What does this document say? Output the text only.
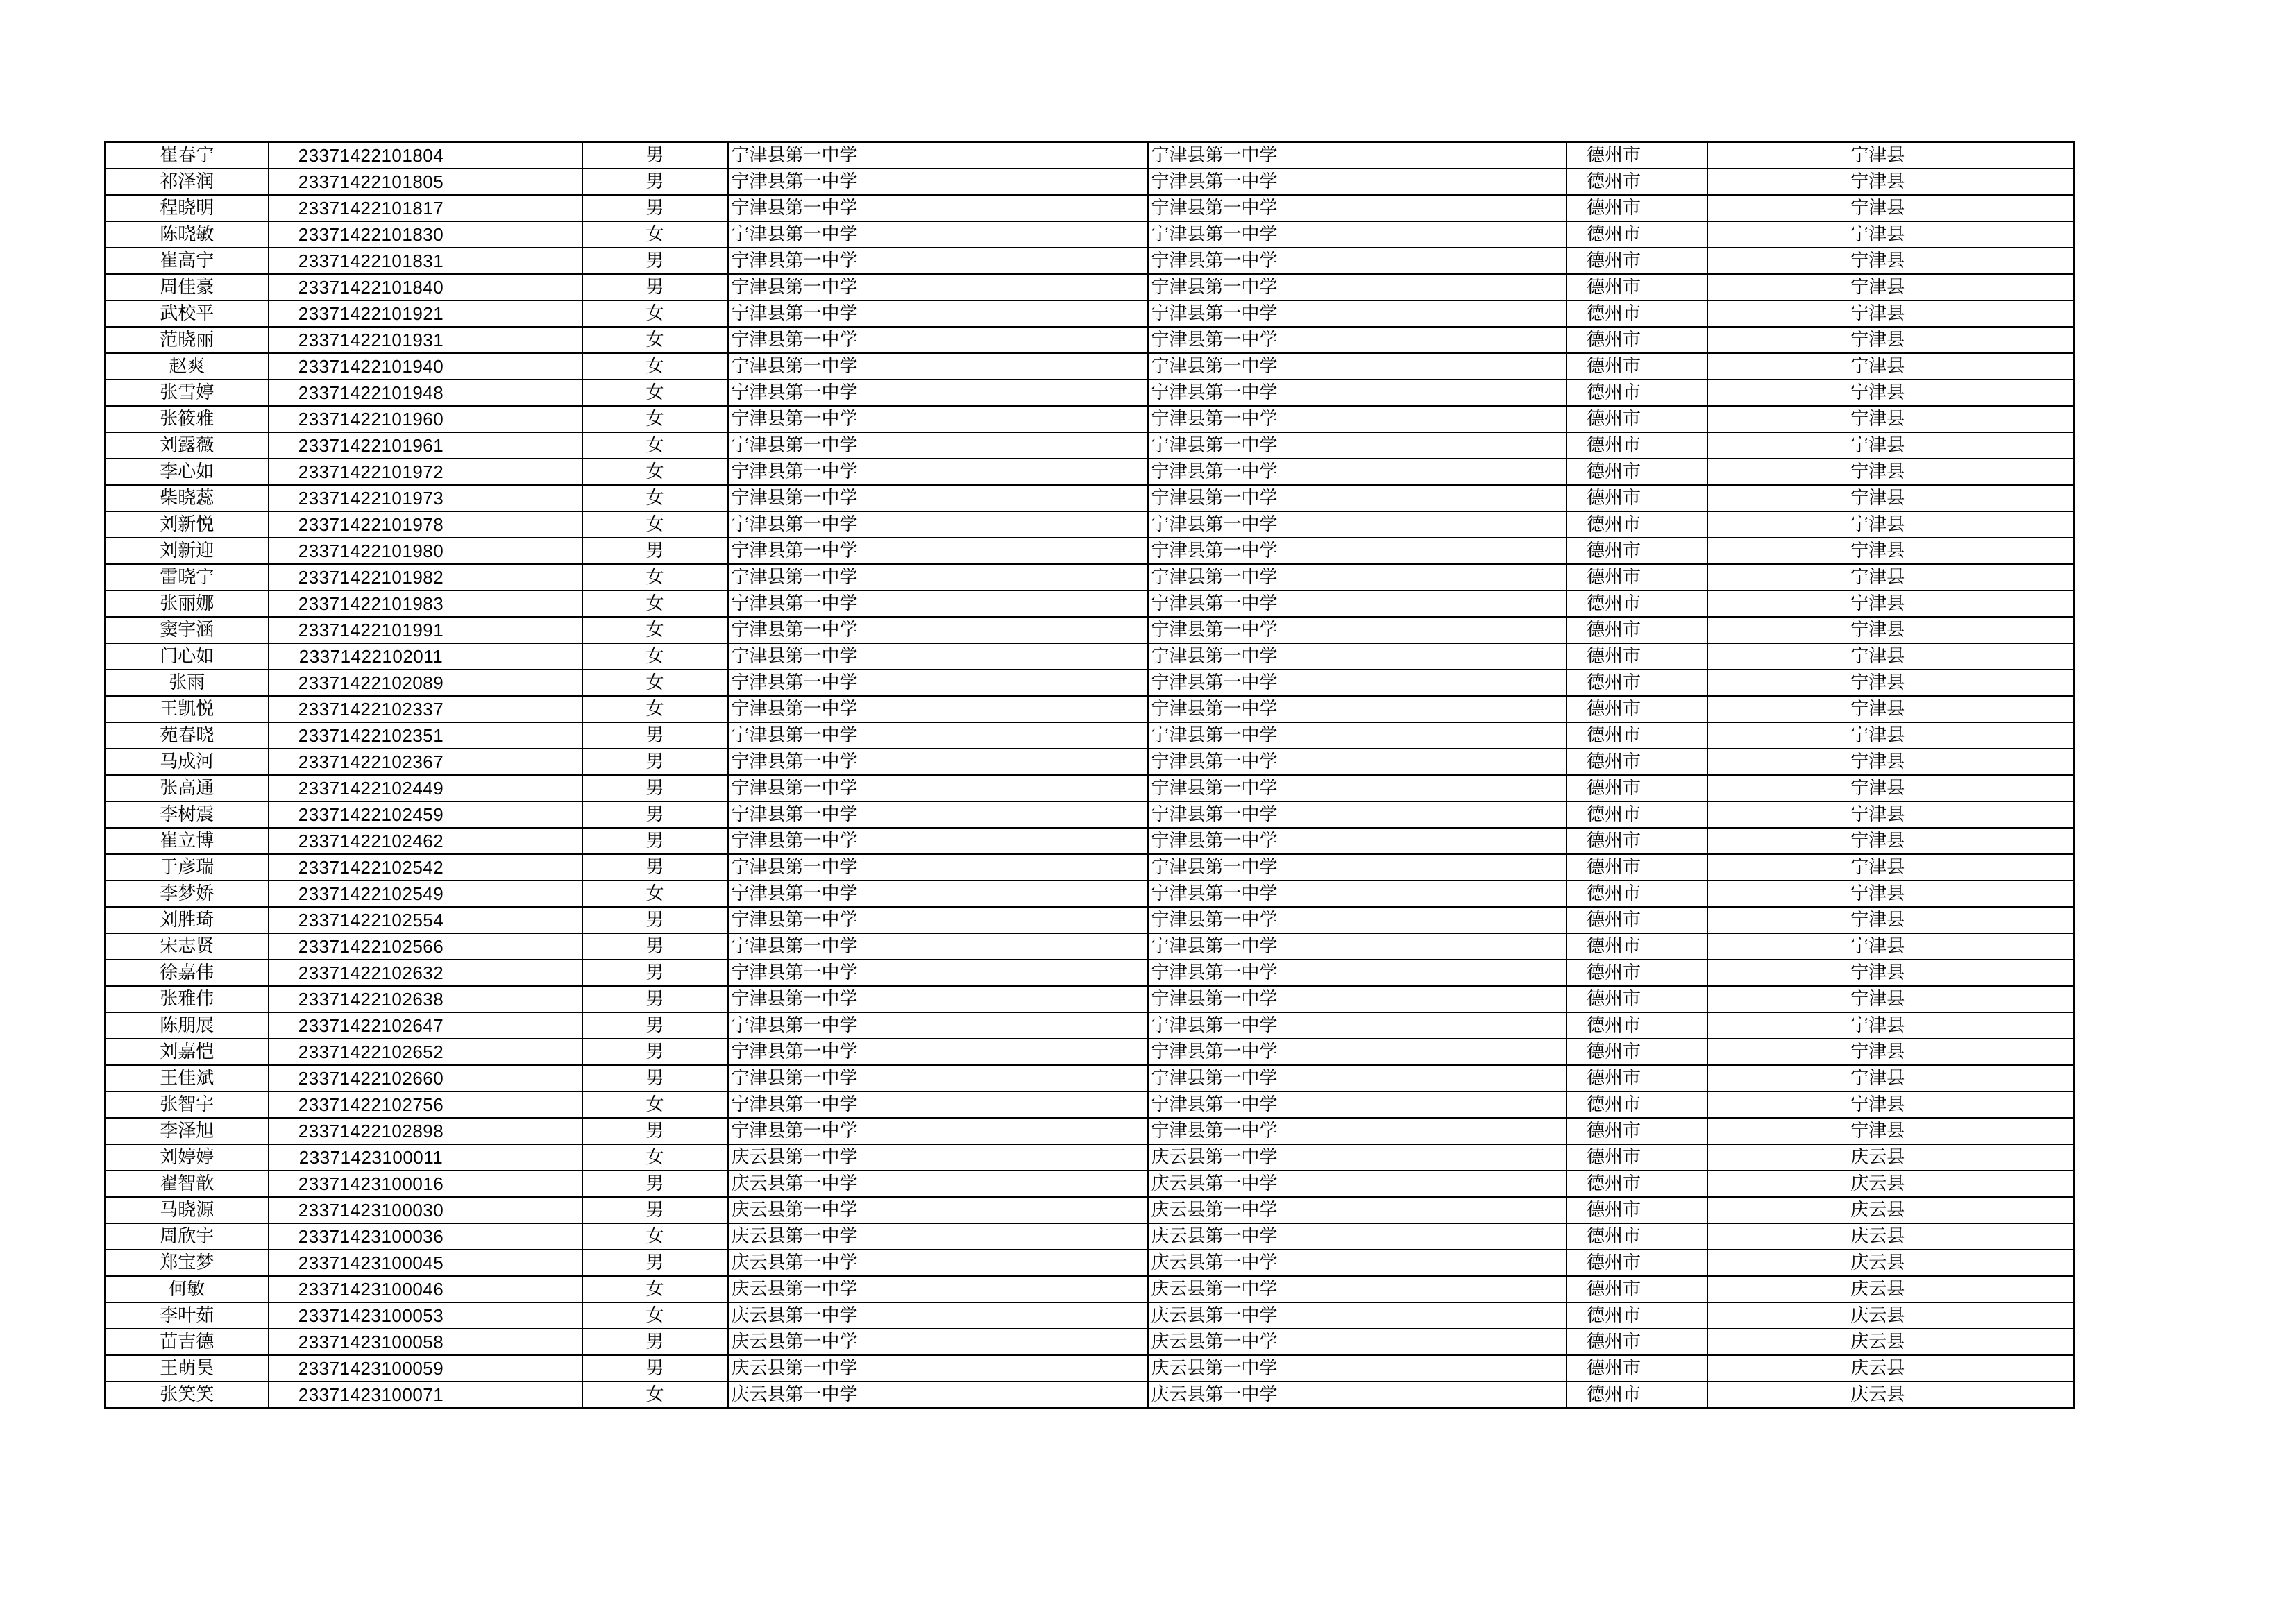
崔春宁	23371422101804	男	宁津县第一中学	宁津县第一中学	德州市	宁津县
祁泽润	23371422101805	男	宁津县第一中学	宁津县第一中学	德州市	宁津县
程晓明	23371422101817	男	宁津县第一中学	宁津县第一中学	德州市	宁津县
陈晓敏	23371422101830	女	宁津县第一中学	宁津县第一中学	德州市	宁津县
崔高宁	23371422101831	男	宁津县第一中学	宁津县第一中学	德州市	宁津县
周佳豪	23371422101840	男	宁津县第一中学	宁津县第一中学	德州市	宁津县
武校平	23371422101921	女	宁津县第一中学	宁津县第一中学	德州市	宁津县
范晓丽	23371422101931	女	宁津县第一中学	宁津县第一中学	德州市	宁津县
赵爽	23371422101940	女	宁津县第一中学	宁津县第一中学	德州市	宁津县
张雪婷	23371422101948	女	宁津县第一中学	宁津县第一中学	德州市	宁津县
张筱雅	23371422101960	女	宁津县第一中学	宁津县第一中学	德州市	宁津县
刘露薇	23371422101961	女	宁津县第一中学	宁津县第一中学	德州市	宁津县
李心如	23371422101972	女	宁津县第一中学	宁津县第一中学	德州市	宁津县
柴晓蕊	23371422101973	女	宁津县第一中学	宁津县第一中学	德州市	宁津县
刘新悦	23371422101978	女	宁津县第一中学	宁津县第一中学	德州市	宁津县
刘新迎	23371422101980	男	宁津县第一中学	宁津县第一中学	德州市	宁津县
雷晓宁	23371422101982	女	宁津县第一中学	宁津县第一中学	德州市	宁津县
张丽娜	23371422101983	女	宁津县第一中学	宁津县第一中学	德州市	宁津县
窦宇涵	23371422101991	女	宁津县第一中学	宁津县第一中学	德州市	宁津县
门心如	23371422102011	女	宁津县第一中学	宁津县第一中学	德州市	宁津县
张雨	23371422102089	女	宁津县第一中学	宁津县第一中学	德州市	宁津县
王凯悦	23371422102337	女	宁津县第一中学	宁津县第一中学	德州市	宁津县
苑春晓	23371422102351	男	宁津县第一中学	宁津县第一中学	德州市	宁津县
马成河	23371422102367	男	宁津县第一中学	宁津县第一中学	德州市	宁津县
张高通	23371422102449	男	宁津县第一中学	宁津县第一中学	德州市	宁津县
李树震	23371422102459	男	宁津县第一中学	宁津县第一中学	德州市	宁津县
崔立博	23371422102462	男	宁津县第一中学	宁津县第一中学	德州市	宁津县
于彦瑞	23371422102542	男	宁津县第一中学	宁津县第一中学	德州市	宁津县
李梦娇	23371422102549	女	宁津县第一中学	宁津县第一中学	德州市	宁津县
刘胜琦	23371422102554	男	宁津县第一中学	宁津县第一中学	德州市	宁津县
宋志贤	23371422102566	男	宁津县第一中学	宁津县第一中学	德州市	宁津县
徐嘉伟	23371422102632	男	宁津县第一中学	宁津县第一中学	德州市	宁津县
张雅伟	23371422102638	男	宁津县第一中学	宁津县第一中学	德州市	宁津县
陈朋展	23371422102647	男	宁津县第一中学	宁津县第一中学	德州市	宁津县
刘嘉恺	23371422102652	男	宁津县第一中学	宁津县第一中学	德州市	宁津县
王佳斌	23371422102660	男	宁津县第一中学	宁津县第一中学	德州市	宁津县
张智宇	23371422102756	女	宁津县第一中学	宁津县第一中学	德州市	宁津县
李泽旭	23371422102898	男	宁津县第一中学	宁津县第一中学	德州市	宁津县
刘婷婷	23371423100011	女	庆云县第一中学	庆云县第一中学	德州市	庆云县
翟智歆	23371423100016	男	庆云县第一中学	庆云县第一中学	德州市	庆云县
马晓源	23371423100030	男	庆云县第一中学	庆云县第一中学	德州市	庆云县
周欣宇	23371423100036	女	庆云县第一中学	庆云县第一中学	德州市	庆云县
郑宝梦	23371423100045	男	庆云县第一中学	庆云县第一中学	德州市	庆云县
何敏	23371423100046	女	庆云县第一中学	庆云县第一中学	德州市	庆云县
李叶茹	23371423100053	女	庆云县第一中学	庆云县第一中学	德州市	庆云县
苗吉德	23371423100058	男	庆云县第一中学	庆云县第一中学	德州市	庆云县
王萌昊	23371423100059	男	庆云县第一中学	庆云县第一中学	德州市	庆云县
张笑笑	23371423100071	女	庆云县第一中学	庆云县第一中学	德州市	庆云县
